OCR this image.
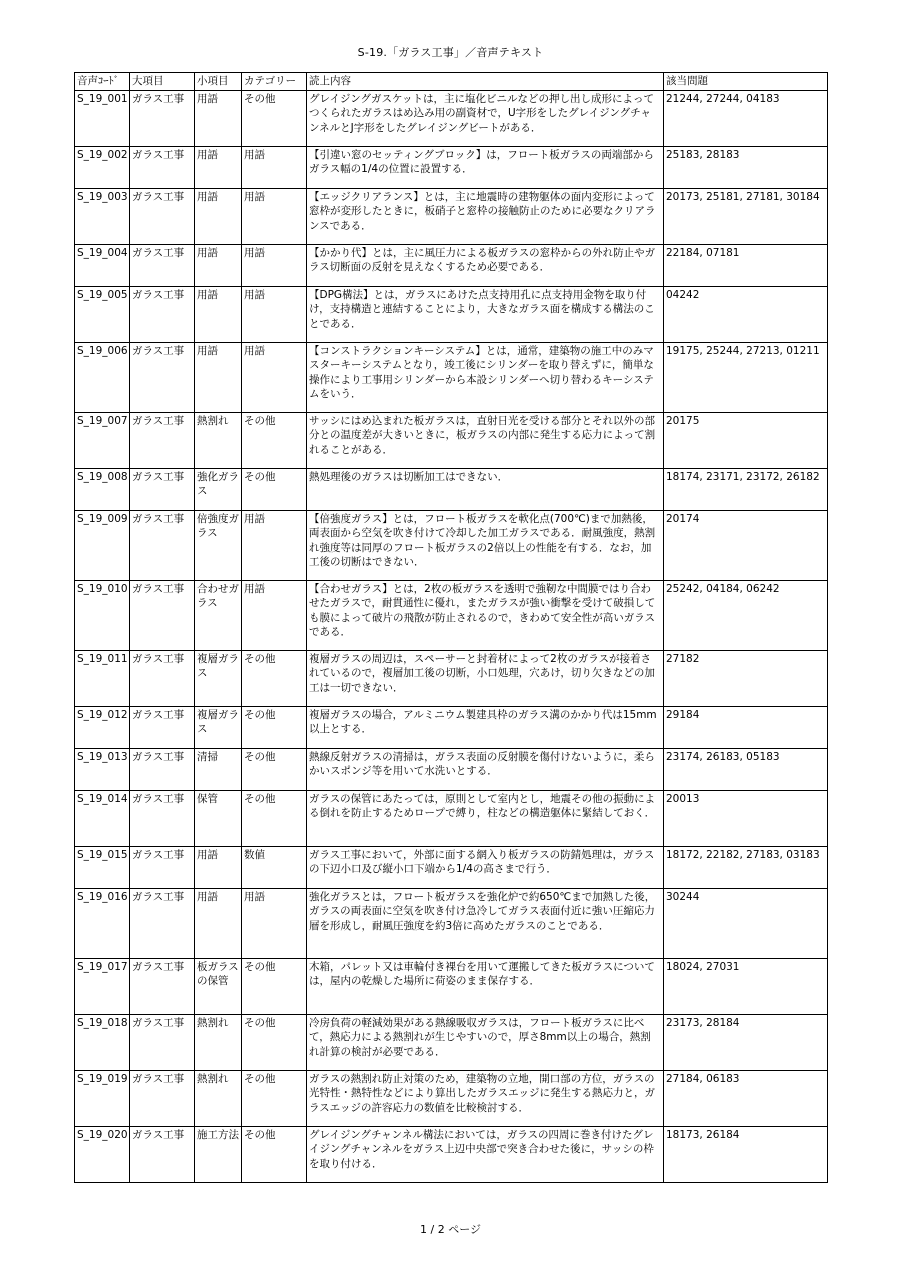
S-19.「ガラス工事」／音声テキスト
音声ｺｰﾄﾞ	大項目	小項目	カテゴリー	読上内容	該当問題
S_19_001	ガラス工事	用語	その他	グレイジングガスケットは，主に塩化ビニルなどの押し出し成形によってつくられたガラスはめ込み用の副資材で，U字形をしたグレイジングチャンネルとJ字形をしたグレイジングビートがある．	21244, 27244, 04183
S_19_002	ガラス工事	用語	用語	【引違い窓のセッティングブロック】は，フロート板ガラスの両端部からガラス幅の1/4の位置に設置する．	25183, 28183
S_19_003	ガラス工事	用語	用語	【エッジクリアランス】とは，主に地震時の建物躯体の面内変形によって窓枠が変形したときに，板硝子と窓枠の接触防止のために必要なクリアランスである．	20173, 25181, 27181, 30184
S_19_004	ガラス工事	用語	用語	【かかり代】とは，主に風圧力による板ガラスの窓枠からの外れ防止やガラス切断面の反射を見えなくするため必要である．	22184, 07181
S_19_005	ガラス工事	用語	用語	【DPG構法】とは，ガラスにあけた点支持用孔に点支持用金物を取り付け，支持構造と連結することにより，大きなガラス面を構成する構法のことである．	04242
S_19_006	ガラス工事	用語	用語	【コンストラクションキーシステム】とは，通常，建築物の施工中のみマスターキーシステムとなり，竣工後にシリンダーを取り替えずに，簡単な操作により工事用シリンダーから本設シリンダーへ切り替わるキーシステムをいう．	19175, 25244, 27213, 01211
S_19_007	ガラス工事	熱割れ	その他	サッシにはめ込まれた板ガラスは，直射日光を受ける部分とそれ以外の部分との温度差が大きいときに，板ガラスの内部に発生する応力によって割れることがある．	20175
S_19_008	ガラス工事	強化ガラス	その他	熱処理後のガラスは切断加工はできない．	18174, 23171, 23172, 26182
S_19_009	ガラス工事	倍強度ガラス	用語	【倍強度ガラス】とは，フロート板ガラスを軟化点(700℃)まで加熱後，両表面から空気を吹き付けて冷却した加工ガラスである．耐風強度，熱割れ強度等は同厚のフロート板ガラスの2倍以上の性能を有する．なお，加工後の切断はできない．	20174
S_19_010	ガラス工事	合わせガラス	用語	【合わせガラス】とは，2枚の板ガラスを透明で強靭な中間膜ではり合わせたガラスで，耐貫通性に優れ，またガラスが強い衝撃を受けて破損しても膜によって破片の飛散が防止されるので，きわめて安全性が高いガラスである．	25242, 04184, 06242
S_19_011	ガラス工事	複層ガラス	その他	複層ガラスの周辺は，スペーサーと封着材によって2枚のガラスが接着されているので，複層加工後の切断，小口処理，穴あけ，切り欠きなどの加工は一切できない．	27182
S_19_012	ガラス工事	複層ガラス	その他	複層ガラスの場合，アルミニウム製建具枠のガラス溝のかかり代は15mm以上とする．	29184
S_19_013	ガラス工事	清掃	その他	熱線反射ガラスの清掃は，ガラス表面の反射膜を傷付けないように，柔らかいスポンジ等を用いて水洗いとする．	23174, 26183, 05183
S_19_014	ガラス工事	保管	その他	ガラスの保管にあたっては，原則として室内とし，地震その他の振動による倒れを防止するためロープで縛り，柱などの構造躯体に緊結しておく．	20013
S_19_015	ガラス工事	用語	数値	ガラス工事において，外部に面する網入り板ガラスの防錆処理は，ガラスの下辺小口及び縦小口下端から1/4の高さまで行う．	18172, 22182, 27183, 03183
S_19_016	ガラス工事	用語	用語	強化ガラスとは，フロート板ガラスを強化炉で約650℃まで加熱した後，ガラスの両表面に空気を吹き付け急冷してガラス表面付近に強い圧縮応力層を形成し，耐風圧強度を約3倍に高めたガラスのことである．	30244
S_19_017	ガラス工事	板ガラスの保管	その他	木箱，パレット又は車輪付き裸台を用いて運搬してきた板ガラスについては，屋内の乾燥した場所に荷姿のまま保存する．	18024, 27031
S_19_018	ガラス工事	熱割れ	その他	冷房負荷の軽減効果がある熱線吸収ガラスは，フロート板ガラスに比べて，熱応力による熱割れが生じやすいので，厚さ8mm以上の場合，熱割れ計算の検討が必要である．	23173, 28184
S_19_019	ガラス工事	熱割れ	その他	ガラスの熱割れ防止対策のため，建築物の立地，開口部の方位，ガラスの光特性・熱特性などにより算出したガラスエッジに発生する熱応力と，ガラスエッジの許容応力の数値を比較検討する．	27184, 06183
S_19_020	ガラス工事	施工方法	その他	グレイジングチャンネル構法においては，ガラスの四周に巻き付けたグレイジングチャンネルをガラス上辺中央部で突き合わせた後に，サッシの枠を取り付ける．	18173, 26184
1 / 2 ページ
